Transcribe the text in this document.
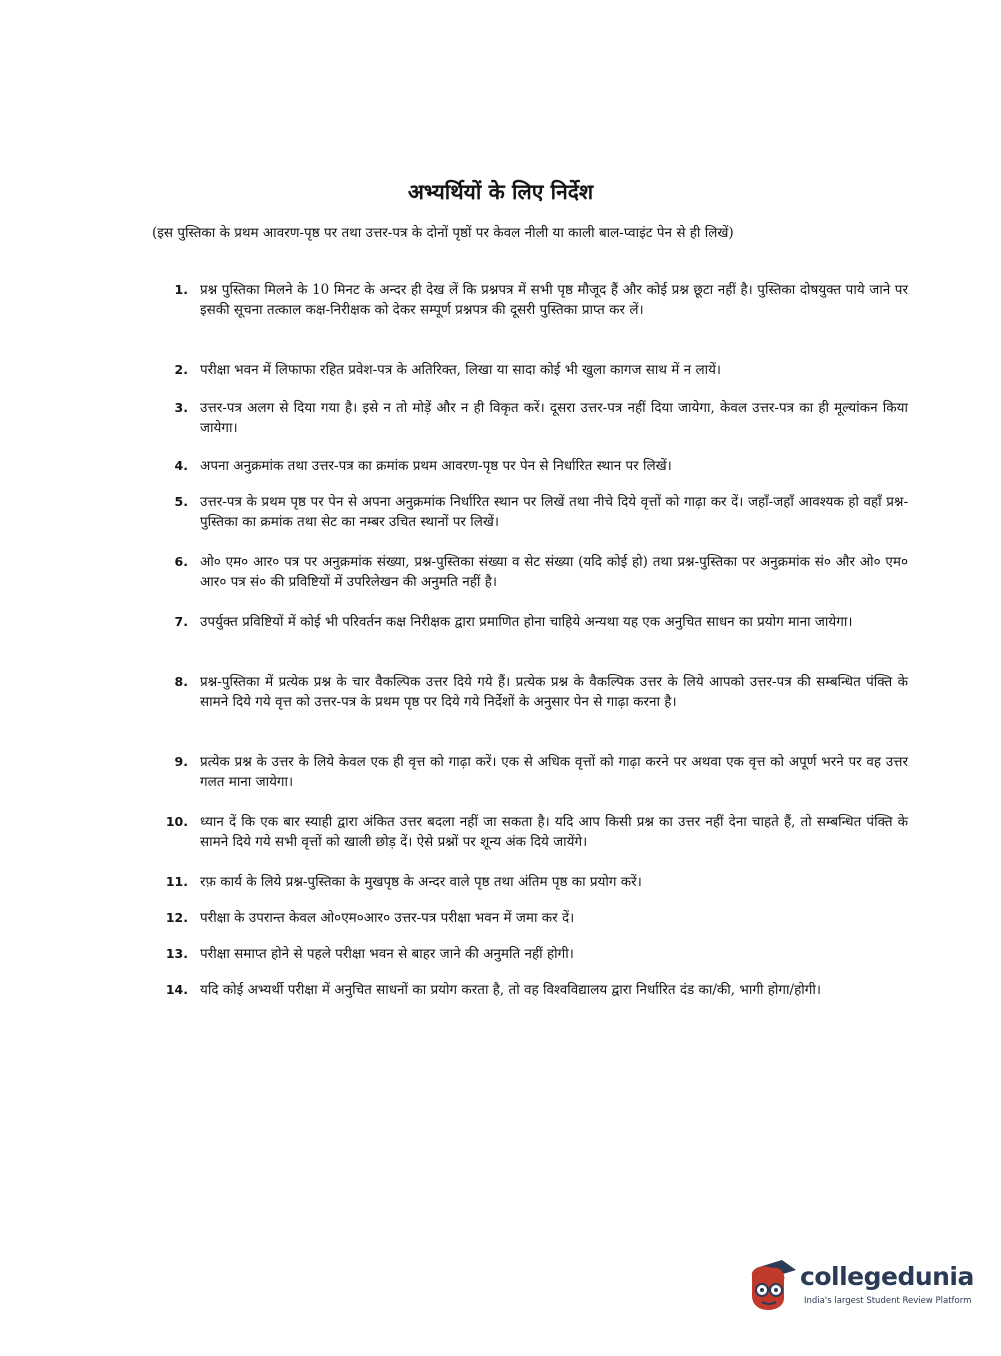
अभ्यर्थियों के लिए निर्देश
(इस पुस्तिका के प्रथम आवरण-पृष्ठ पर तथा उत्तर-पत्र के दोनों पृष्ठों पर केवल नीली या काली बाल-प्वाइंट पेन से ही लिखें)
1. प्रश्न पुस्तिका मिलने के 10 मिनट के अन्दर ही देख लें कि प्रश्नपत्र में सभी पृष्ठ मौजूद हैं और कोई प्रश्न छूटा नहीं है। पुस्तिका दोषयुक्त पाये जाने पर इसकी सूचना तत्काल कक्ष-निरीक्षक को देकर सम्पूर्ण प्रश्नपत्र की दूसरी पुस्तिका प्राप्त कर लें।
2. परीक्षा भवन में लिफाफा रहित प्रवेश-पत्र के अतिरिक्त, लिखा या सादा कोई भी खुला कागज साथ में न लायें।
3. उत्तर-पत्र अलग से दिया गया है। इसे न तो मोड़ें और न ही विकृत करें। दूसरा उत्तर-पत्र नहीं दिया जायेगा, केवल उत्तर-पत्र का ही मूल्यांकन किया जायेगा।
4. अपना अनुक्रमांक तथा उत्तर-पत्र का क्रमांक प्रथम आवरण-पृष्ठ पर पेन से निर्धारित स्थान पर लिखें।
5. उत्तर-पत्र के प्रथम पृष्ठ पर पेन से अपना अनुक्रमांक निर्धारित स्थान पर लिखें तथा नीचे दिये वृत्तों को गाढ़ा कर दें। जहाँ-जहाँ आवश्यक हो वहाँ प्रश्न-पुस्तिका का क्रमांक तथा सेट का नम्बर उचित स्थानों पर लिखें।
6. ओ० एम० आर० पत्र पर अनुक्रमांक संख्या, प्रश्न-पुस्तिका संख्या व सेट संख्या (यदि कोई हो) तथा प्रश्न-पुस्तिका पर अनुक्रमांक सं० और ओ० एम० आर० पत्र सं० की प्रविष्टियों में उपरिलेखन की अनुमति नहीं है।
7. उपर्युक्त प्रविष्टियों में कोई भी परिवर्तन कक्ष निरीक्षक द्वारा प्रमाणित होना चाहिये अन्यथा यह एक अनुचित साधन का प्रयोग माना जायेगा।
8. प्रश्न-पुस्तिका में प्रत्येक प्रश्न के चार वैकल्पिक उत्तर दिये गये हैं। प्रत्येक प्रश्न के वैकल्पिक उत्तर के लिये आपको उत्तर-पत्र की सम्बन्धित पंक्ति के सामने दिये गये वृत्त को उत्तर-पत्र के प्रथम पृष्ठ पर दिये गये निर्देशों के अनुसार पेन से गाढ़ा करना है।
9. प्रत्येक प्रश्न के उत्तर के लिये केवल एक ही वृत्त को गाढ़ा करें। एक से अधिक वृत्तों को गाढ़ा करने पर अथवा एक वृत्त को अपूर्ण भरने पर वह उत्तर गलत माना जायेगा।
10. ध्यान दें कि एक बार स्याही द्वारा अंकित उत्तर बदला नहीं जा सकता है। यदि आप किसी प्रश्न का उत्तर नहीं देना चाहते हैं, तो सम्बन्धित पंक्ति के सामने दिये गये सभी वृत्तों को खाली छोड़ दें। ऐसे प्रश्नों पर शून्य अंक दिये जायेंगे।
11. रफ़ कार्य के लिये प्रश्न-पुस्तिका के मुखपृष्ठ के अन्दर वाले पृष्ठ तथा अंतिम पृष्ठ का प्रयोग करें।
12. परीक्षा के उपरान्त केवल ओ०एम०आर० उत्तर-पत्र परीक्षा भवन में जमा कर दें।
13. परीक्षा समाप्त होने से पहले परीक्षा भवन से बाहर जाने की अनुमति नहीं होगी।
14. यदि कोई अभ्यर्थी परीक्षा में अनुचित साधनों का प्रयोग करता है, तो वह विश्वविद्यालय द्वारा निर्धारित दंड का/की, भागी होगा/होगी।
collegedunia
India's largest Student Review Platform
